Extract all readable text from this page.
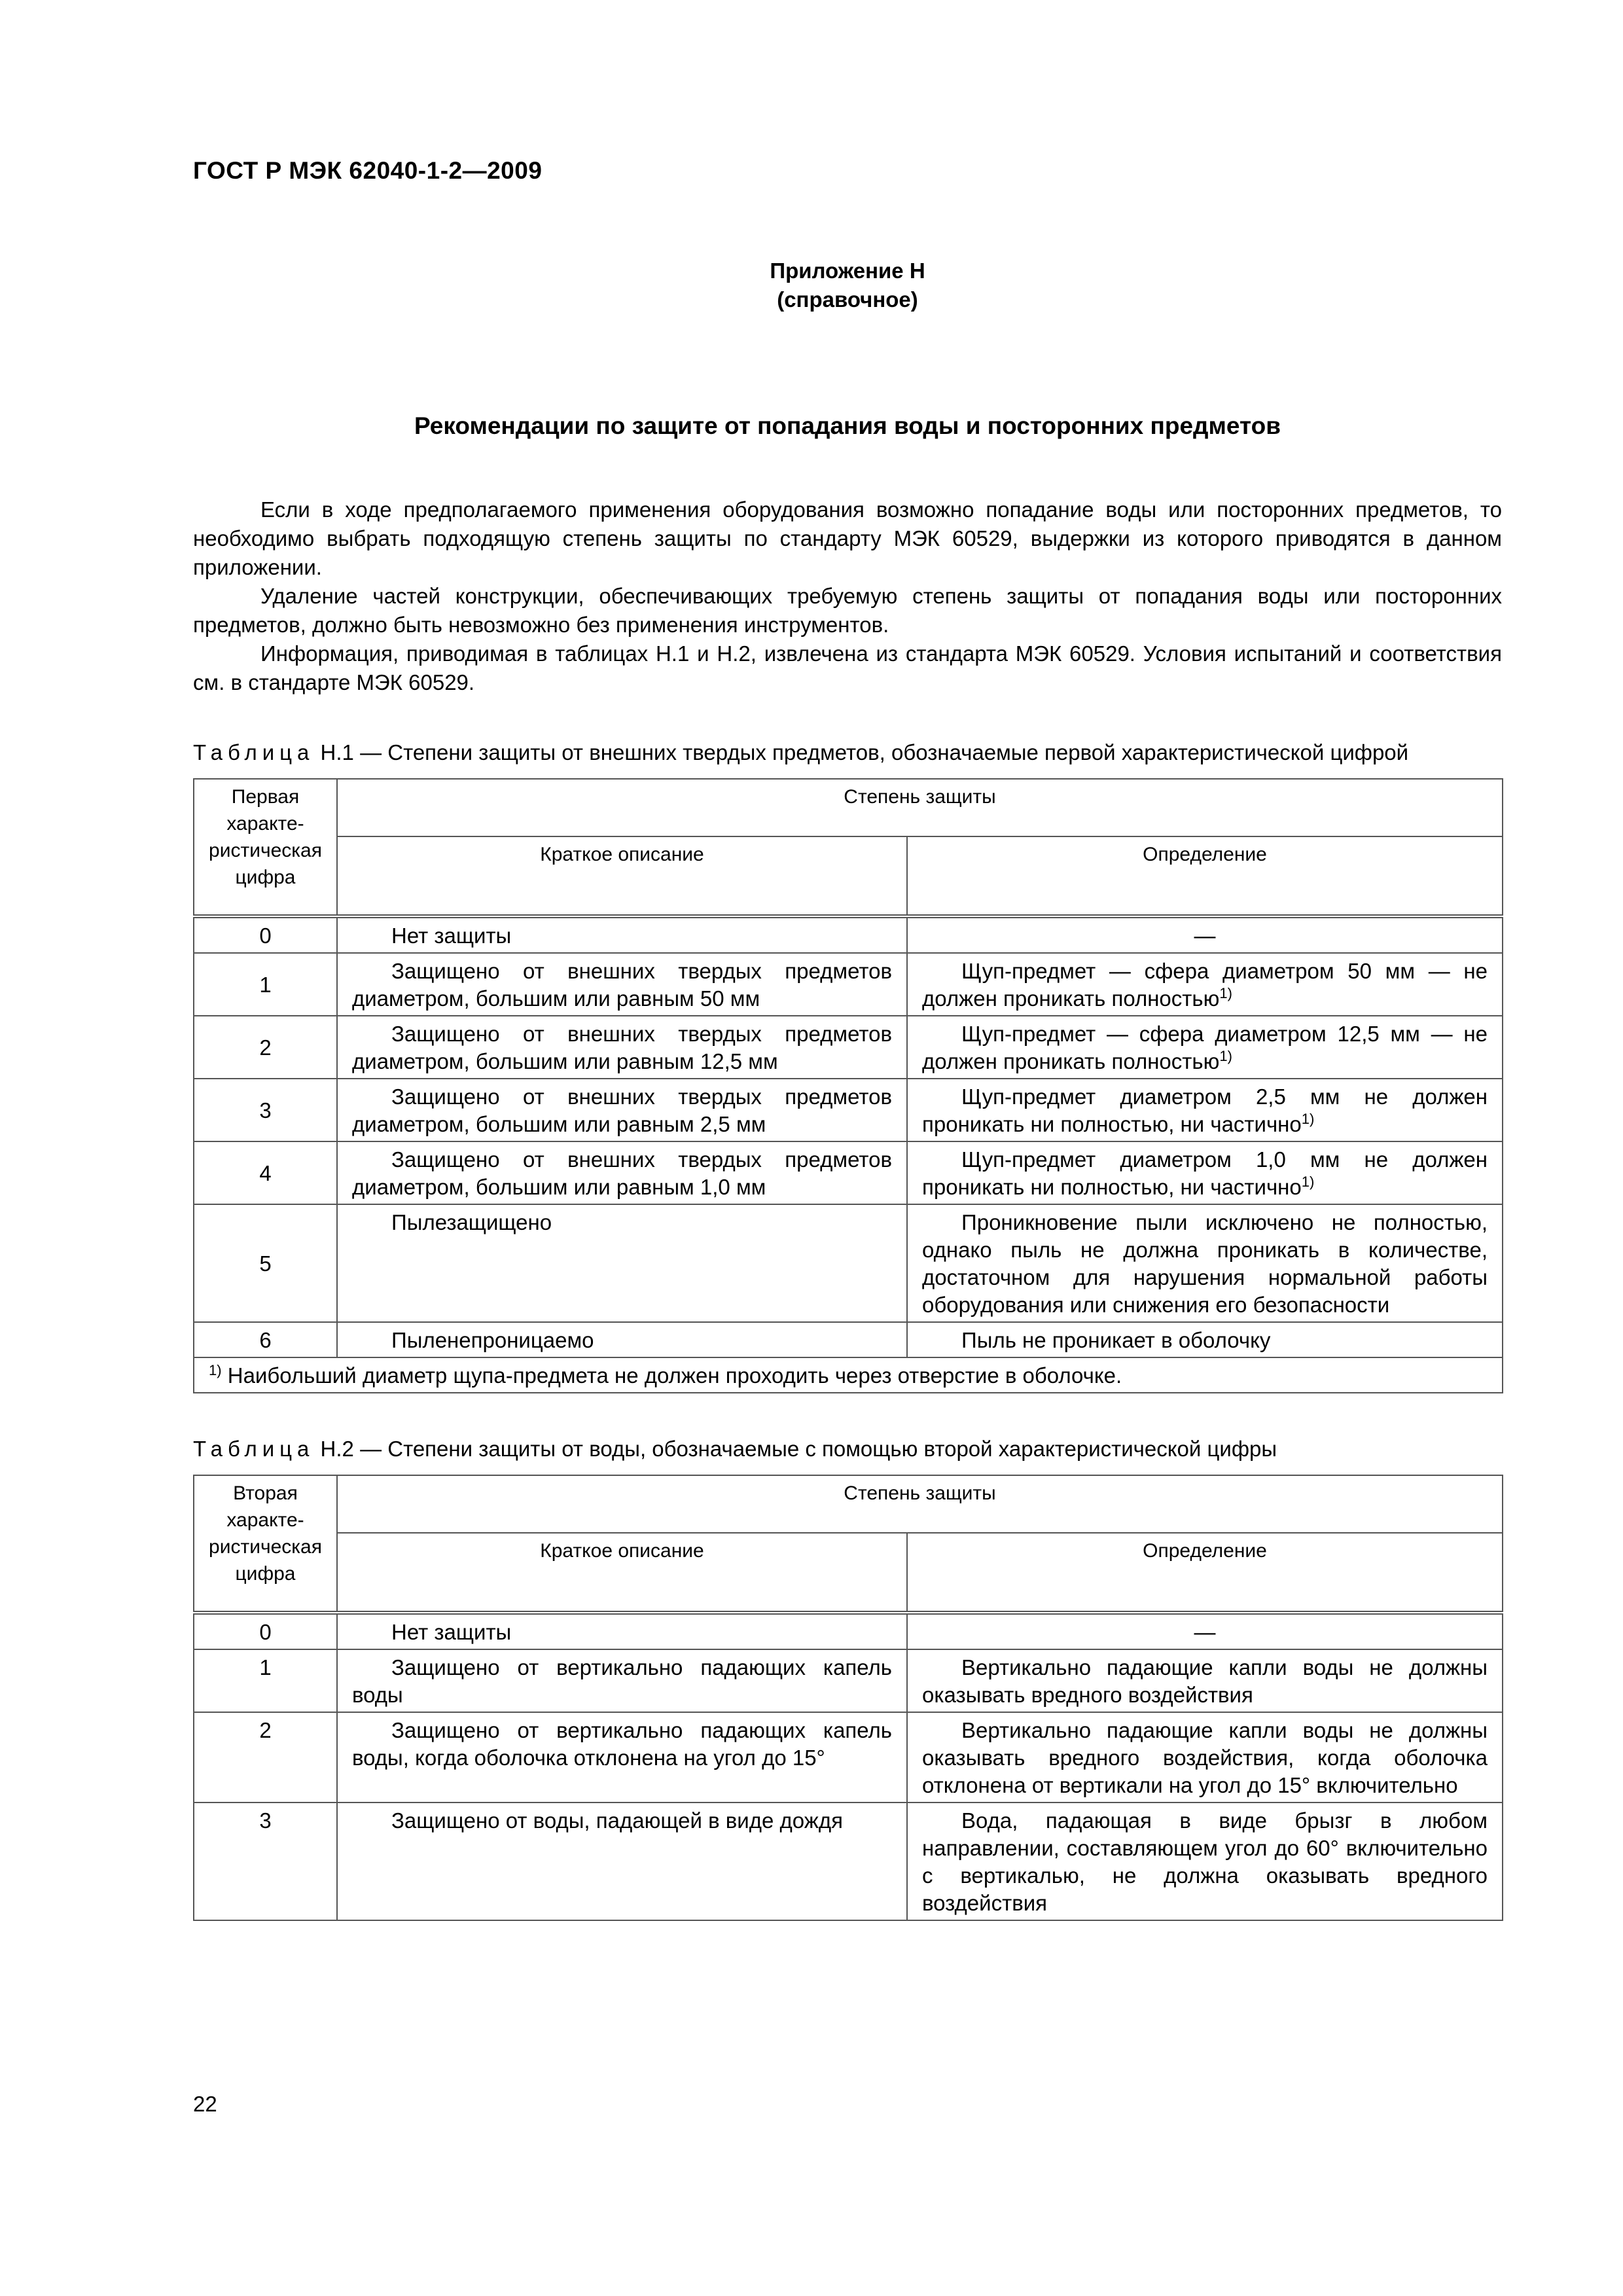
ГОСТ Р МЭК 62040-1-2—2009
Приложение Н
(справочное)
Рекомендации по защите от попадания воды и посторонних предметов

Если в ходе предполагаемого применения оборудования возможно попадание воды или посторонних предметов, то необходимо выбрать подходящую степень защиты по стандарту МЭК 60529, выдержки из которого приводятся в данном приложении.

Удаление частей конструкции, обеспечивающих требуемую степень защиты от попадания воды или посторонних предметов, должно быть невозможно без применения инструментов.

Информация, приводимая в таблицах Н.1 и Н.2, извлечена из стандарта МЭК 60529. Условия испытаний и соответствия см. в стандарте МЭК 60529.

Таблица Н.1 — Степени защиты от внешних твердых предметов, обозначаемые первой характеристической цифрой
Первая характе-ристическая цифра	Степень защиты	
	Краткое описание	Определение
0	Нет защиты	—
1	Защищено от внешних твердых предметов диаметром, большим или равным 50 мм	Щуп-предмет — сфера диаметром 50 мм — не должен проникать полностью$^{1)}$
2	Защищено от внешних твердых предметов диаметром, большим или равным 12,5 мм	Щуп-предмет — сфера диаметром 12,5 мм — не должен проникать полностью$^{1)}$
3	Защищено от внешних твердых предметов диаметром, большим или равным 2,5 мм	Щуп-предмет диаметром 2,5 мм не должен проникать ни полностью, ни частично$^{1)}$
4	Защищено от внешних твердых предметов диаметром, большим или равным 1,0 мм	Щуп-предмет диаметром 1,0 мм не должен проникать ни полностью, ни частично$^{1)}$
5	Пылезащищено	Проникновение пыли исключено не полностью, однако пыль не должна проникать в количестве, достаточном для нарушения нормальной работы оборудования или снижения его безопасности
6	Пыленепроницаемо	Пыль не проникает в оболочку
$^{1)}$ Наибольший диаметр щупа-предмета не должен проходить через отверстие в оболочке.		
Таблица Н.2 — Степени защиты от воды, обозначаемые с помощью второй характеристической цифры
Вторая характе-ристическая цифра	Степень защиты	
	Краткое описание	Определение
0	Нет защиты	—
1	Защищено от вертикально падающих капель воды	Вертикально падающие капли воды не должны оказывать вредного воздействия
2	Защищено от вертикально падающих капель воды, когда оболочка отклонена на угол до 15°	Вертикально падающие капли воды не должны оказывать вредного воздействия, когда оболочка отклонена от вертикали на угол до 15° включительно
3	Защищено от воды, падающей в виде дождя	Вода, падающая в виде брызг в любом направлении, составляющем угол до 60° включительно с вертикалью, не должна оказывать вредного воздействия
22
